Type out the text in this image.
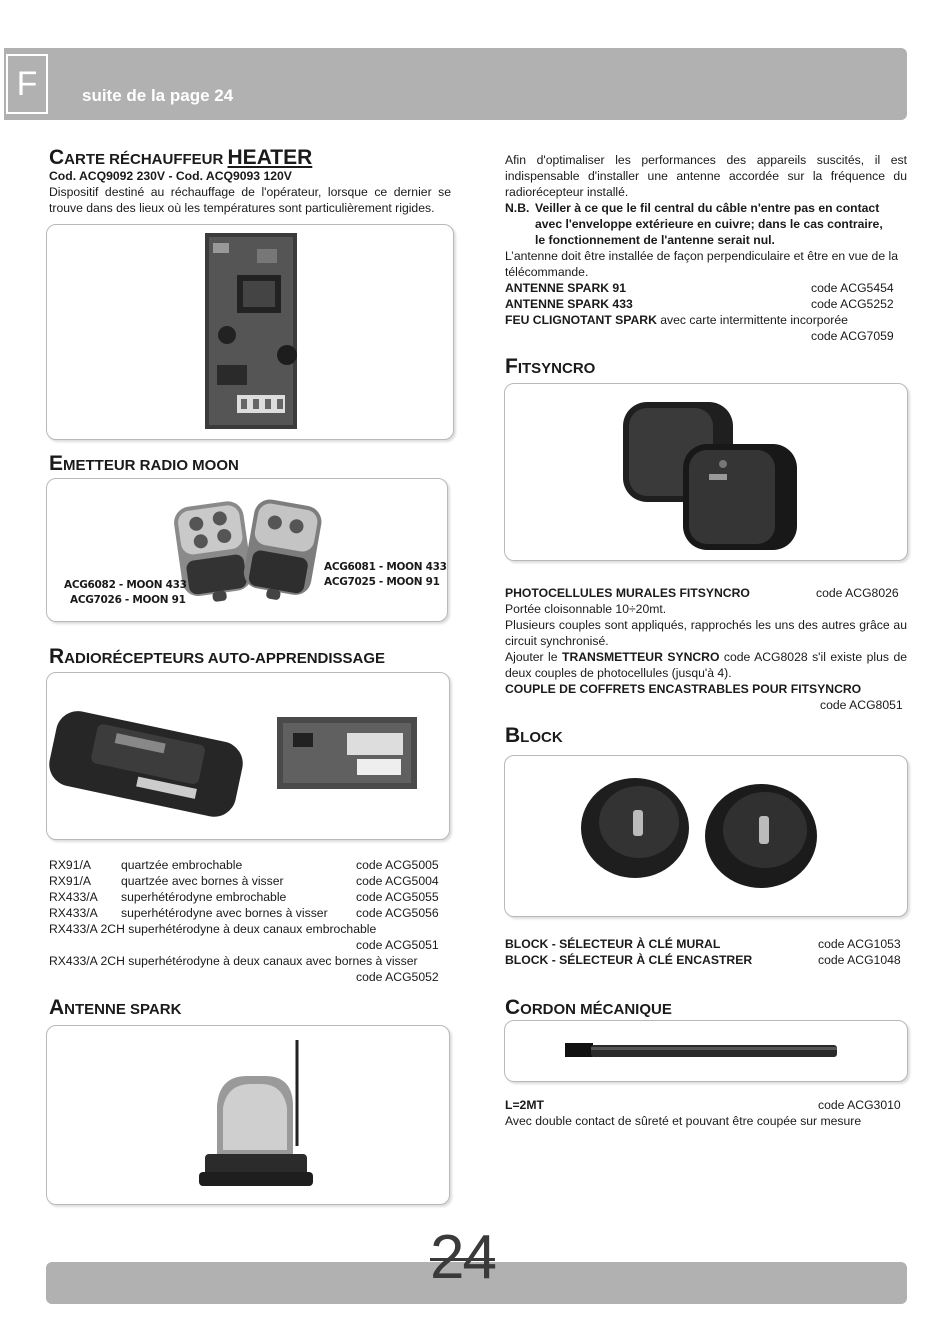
F	suite de la page 24
CARTE RÉCHAUFFEUR HEATER
Cod. ACQ9092 230V - Cod. ACQ9093 120V
Dispositif destiné au réchauffage de l'opérateur, lorsque ce dernier se trouve dans des lieux où les températures sont particulièrement rigides.
EMETTEUR RADIO MOON
ACG6082 - MOON 433
ACG7026 - MOON 91
ACG6081 - MOON 433
ACG7025 - MOON 91
RADIORÉCEPTEURS AUTO-APPRENDISSAGE
RX91/A quartzée embrochable	code ACG5005
RX91/A quartzée avec bornes à visser	code ACG5004
RX433/A superhétérodyne embrochable	code ACG5055
RX433/A superhétérodyne avec bornes à visser code ACG5056
RX433/A 2CH superhétérodyne à deux canaux embrochable
code ACG5051
RX433/A 2CH superhétérodyne à deux canaux avec bornes à visser
code ACG5052
ANTENNE SPARK
Afin d'optimaliser les performances des appareils suscités, il est indispensable d'installer une antenne accordée sur la fréquence du radiorécepteur installé.
N.B. Veiller à ce que le fil central du câble n'entre pas en contact
avec l'enveloppe extérieure en cuivre; dans le cas contraire,
le fonctionnement de l'antenne serait nul.
L’antenne doit être installée de façon perpendiculaire et être en vue de la télécommande.
ANTENNE SPARK 91	code ACG5454
ANTENNE SPARK 433	code ACG5252
FEU CLIGNOTANT SPARK avec carte intermittente incorporée
code ACG7059
FITSYNCRO
PHOTOCELLULES MURALES FITSYNCRO	code ACG8026
Portée cloisonnable 10÷20mt.
Plusieurs couples sont appliqués, rapprochés les uns des autres grâce au circuit synchronisé.
Ajouter le TRANSMETTEUR SYNCRO code ACG8028 s'il existe plus de deux couples de photocellules (jusqu'à 4).
COUPLE DE COFFRETS ENCASTRABLES POUR FITSYNCRO
code ACG8051
BLOCK
BLOCK - SÉLECTEUR À CLÉ MURAL	code ACG1053
BLOCK - SÉLECTEUR À CLÉ ENCASTRER	code ACG1048
CORDON MÉCANIQUE
L=2MT	code ACG3010
Avec double contact de sûreté et pouvant être coupée sur mesure
24
